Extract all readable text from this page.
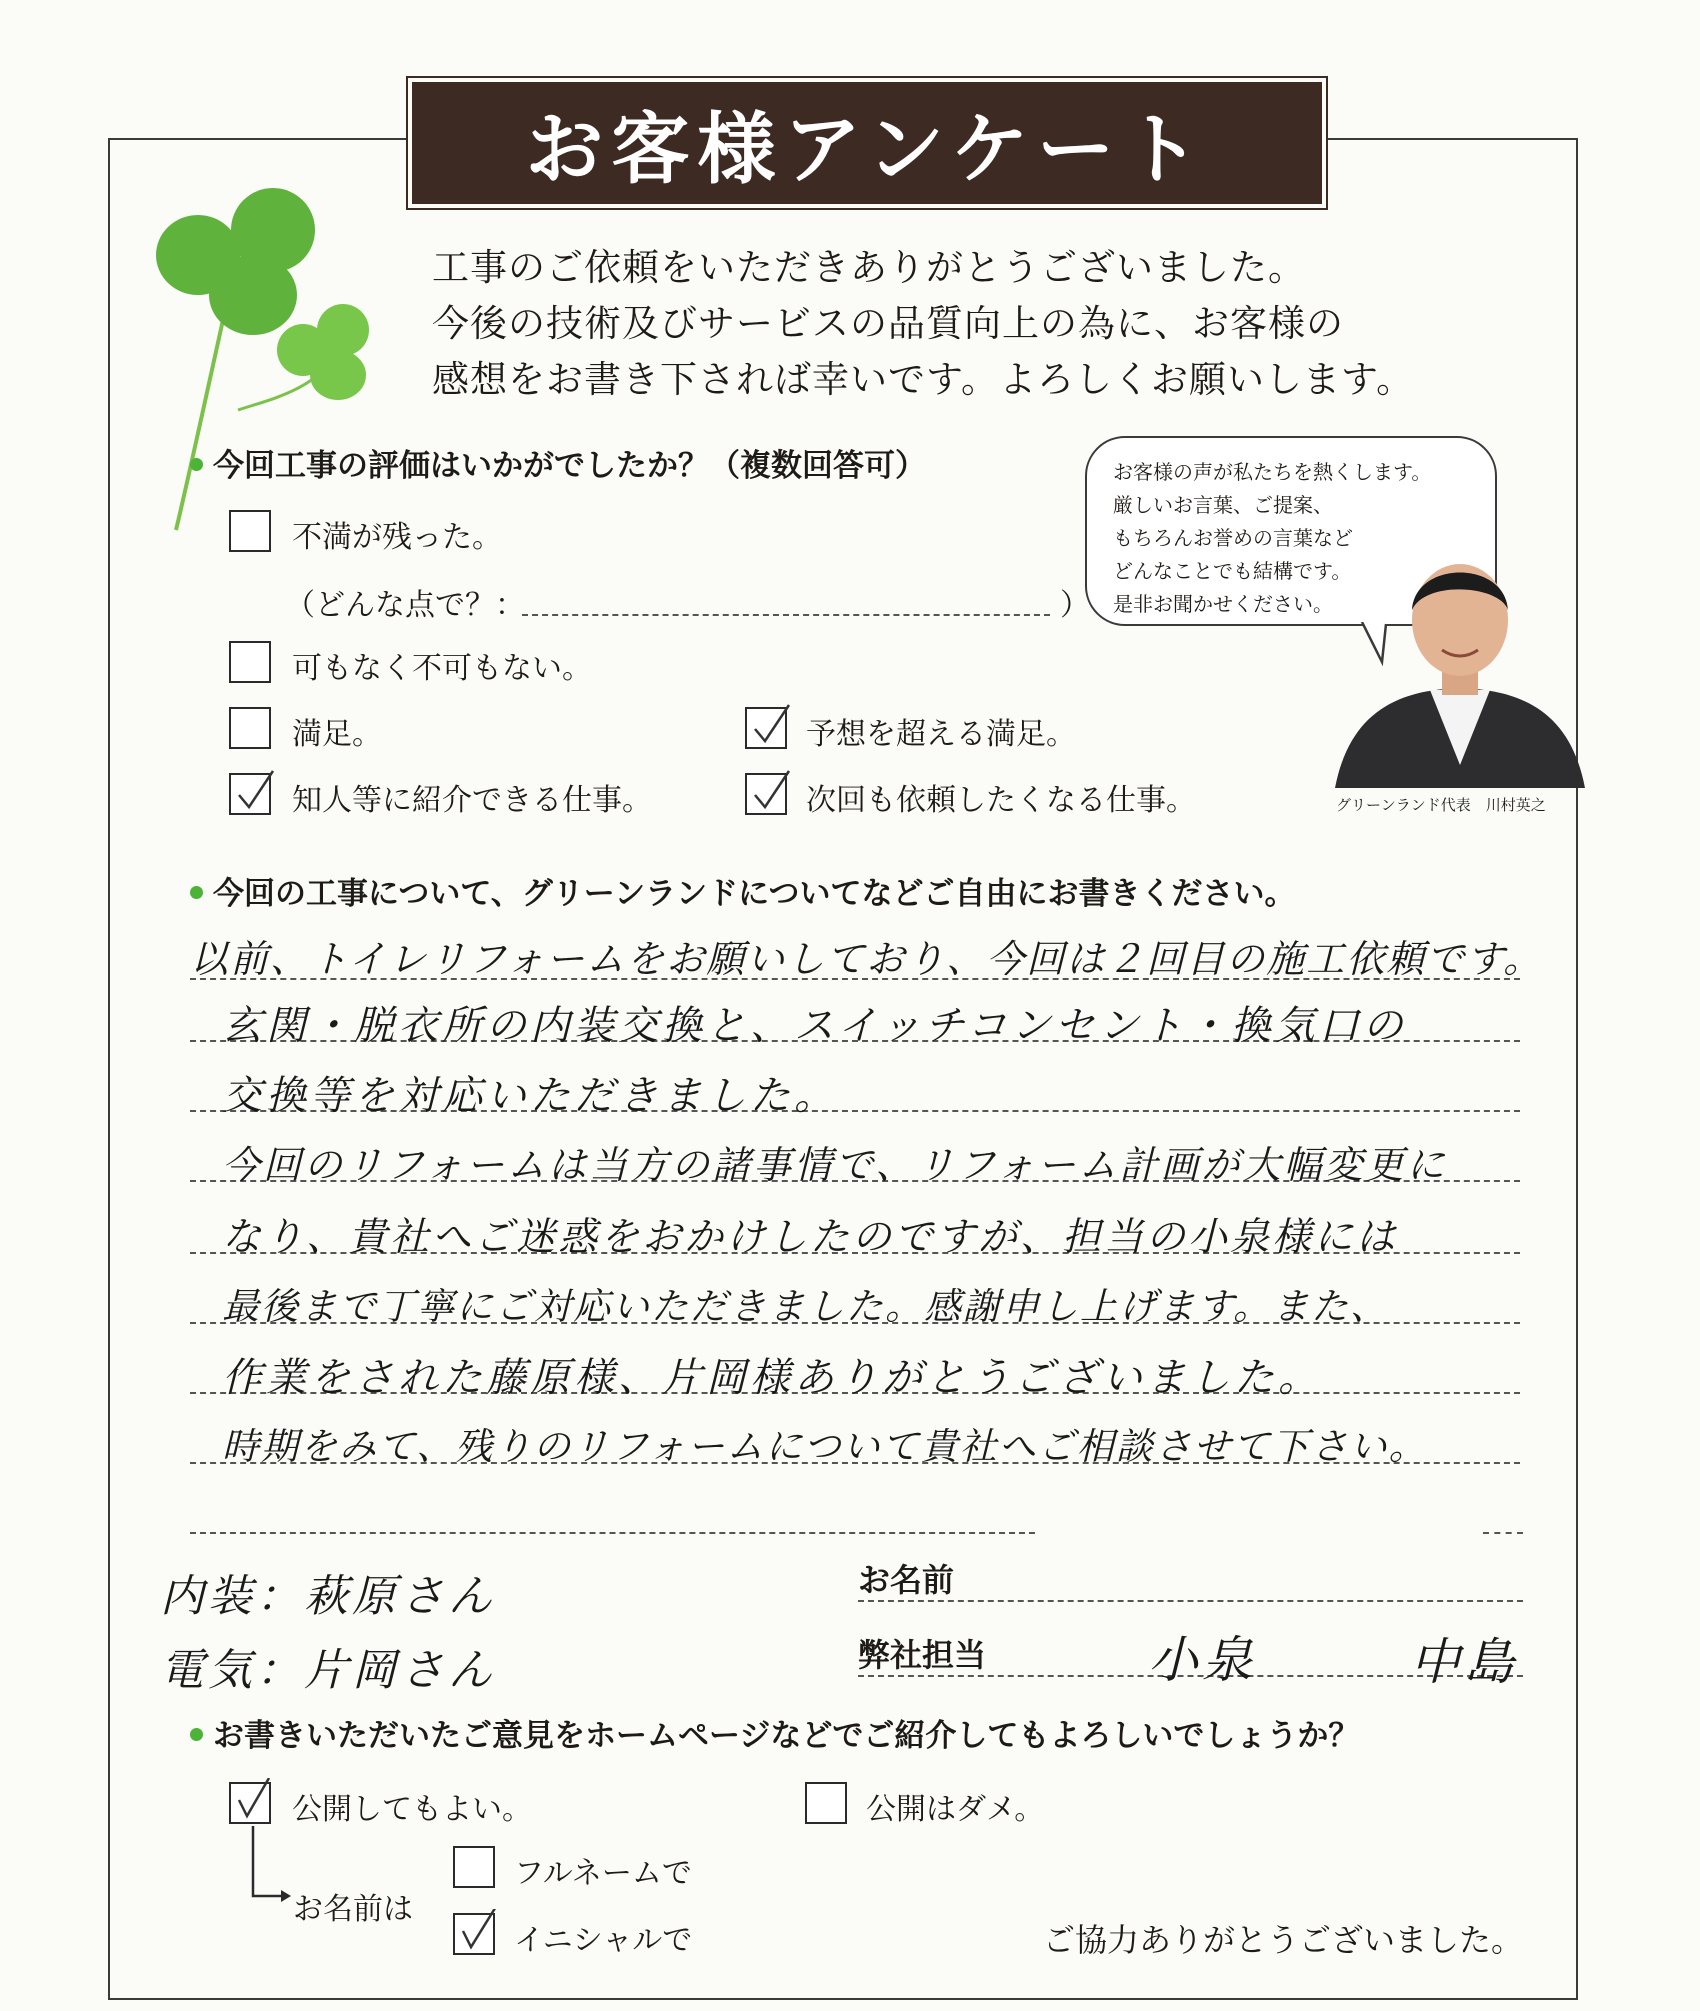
お客様アンケート
工事のご依頼をいただきありがとうございました。
今後の技術及びサービスの品質向上の為に、お客様の
感想をお書き下されば幸いです。よろしくお願いします。
今回工事の評価はいかがでしたか？（複数回答可）
不満が残った。
（どんな点で？：	）
可もなく不可もない。
満足。	予想を超える満足。
知人等に紹介できる仕事。	次回も依頼したくなる仕事。
お客様の声が私たちを熱くします。
厳しいお言葉、ご提案、
もちろんお誉めの言葉など
どんなことでも結構です。
是非お聞かせください。
グリーンランド代表　川村英之
今回の工事について、グリーンランドについてなどご自由にお書きください。
以前、トイレリフォームをお願いしており、今回は２回目の施工依頼です。
玄関・脱衣所の内装交換と、スイッチコンセント・換気口の
交換等を対応いただきました。
今回のリフォームは当方の諸事情で、リフォーム計画が大幅変更に
なり、貴社へご迷惑をおかけしたのですが、担当の小泉様には
最後まで丁寧にご対応いただきました。感謝申し上げます。また、
作業をされた藤原様、片岡様ありがとうございました。
時期をみて、残りのリフォームについて貴社へご相談させて下さい。
内装：萩原さん
電気：片岡さん
お名前
弊社担当	小泉	中島
お書きいただいたご意見をホームページなどでご紹介してもよろしいでしょうか？
公開してもよい。	公開はダメ。
お名前は
フルネームで
イニシャルで	ご協力ありがとうございました。
